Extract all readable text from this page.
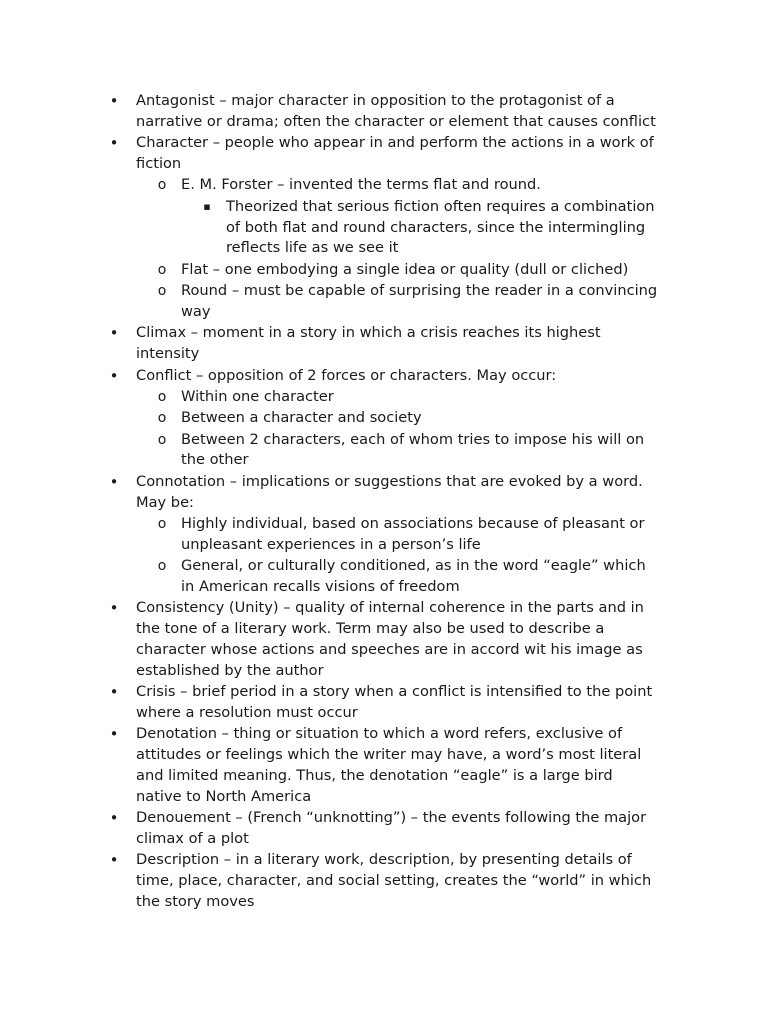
• Antagonist – major character in opposition to the protagonist of a
narrative or drama; often the character or element that causes conflict
• Character – people who appear in and perform the actions in a work of
fiction
o E. M. Forster – invented the terms flat and round.
▪ Theorized that serious fiction often requires a combination
of both flat and round characters, since the intermingling
reflects life as we see it
o Flat – one embodying a single idea or quality (dull or cliched)
o Round – must be capable of surprising the reader in a convincing
way
• Climax – moment in a story in which a crisis reaches its highest
intensity
• Conflict – opposition of 2 forces or characters. May occur:
o Within one character
o Between a character and society
o Between 2 characters, each of whom tries to impose his will on
the other
• Connotation – implications or suggestions that are evoked by a word.
May be:
o Highly individual, based on associations because of pleasant or
unpleasant experiences in a person’s life
o General, or culturally conditioned, as in the word “eagle” which
in American recalls visions of freedom
• Consistency (Unity) – quality of internal coherence in the parts and in
the tone of a literary work. Term may also be used to describe a
character whose actions and speeches are in accord wit his image as
established by the author
• Crisis – brief period in a story when a conflict is intensified to the point
where a resolution must occur
• Denotation – thing or situation to which a word refers, exclusive of
attitudes or feelings which the writer may have, a word’s most literal
and limited meaning. Thus, the denotation “eagle” is a large bird
native to North America
• Denouement – (French “unknotting”) – the events following the major
climax of a plot
• Description – in a literary work, description, by presenting details of
time, place, character, and social setting, creates the “world” in which
the story moves
